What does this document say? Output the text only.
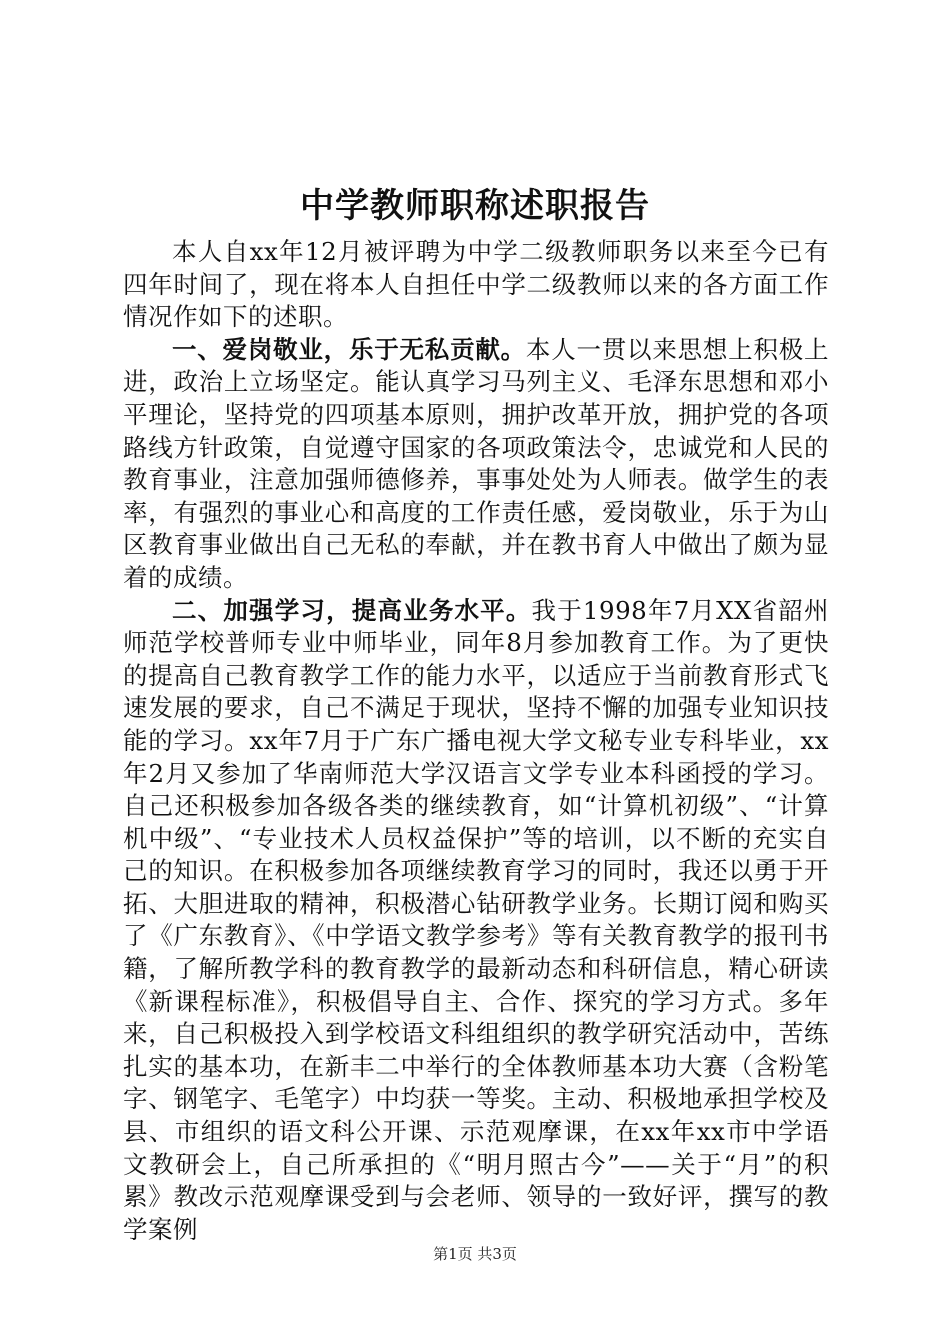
中学教师职称述职报告

本人自xx年12月被评聘为中学二级教师职务以来至今已有四年时间了，现在将本人自担任中学二级教师以来的各方面工作情况作如下的述职。

一、爱岗敬业，乐于无私贡献。本人一贯以来思想上积极上进，政治上立场坚定。能认真学习马列主义、毛泽东思想和邓小平理论，坚持党的四项基本原则，拥护改革开放，拥护党的各项路线方针政策，自觉遵守国家的各项政策法令，忠诚党和人民的教育事业，注意加强师德修养，事事处处为人师表。做学生的表率，有强烈的事业心和高度的工作责任感，爱岗敬业，乐于为山区教育事业做出自己无私的奉献，并在教书育人中做出了颇为显着的成绩。

二、加强学习，提高业务水平。我于1998年7月XX省韶州师范学校普师专业中师毕业，同年8月参加教育工作。为了更快的提高自己教育教学工作的能力水平，以适应于当前教育形式飞速发展的要求，自己不满足于现状，坚持不懈的加强专业知识技能的学习。xx年7月于广东广播电视大学文秘专业专科毕业，xx年2月又参加了华南师范大学汉语言文学专业本科函授的学习。自己还积极参加各级各类的继续教育，如“计算机初级”、“计算机中级”、“专业技术人员权益保护”等的培训，以不断的充实自己的知识。在积极参加各项继续教育学习的同时，我还以勇于开拓、大胆进取的精神，积极潜心钻研教学业务。长期订阅和购买了《广东教育》、《中学语文教学参考》等有关教育教学的报刊书籍，了解所教学科的教育教学的最新动态和科研信息，精心研读《新课程标准》，积极倡导自主、合作、探究的学习方式。多年来，自己积极投入到学校语文科组组织的教学研究活动中，苦练扎实的基本功，在新丰二中举行的全体教师基本功大赛（含粉笔字、钢笔字、毛笔字）中均获一等奖。主动、积极地承担学校及县、市组织的语文科公开课、示范观摩课，在xx年xx市中学语文教研会上，自己所承担的《“明月照古今”——关于“月”的积累》教改示范观摩课受到与会老师、领导的一致好评，撰写的教学案例

第1页 共3页
